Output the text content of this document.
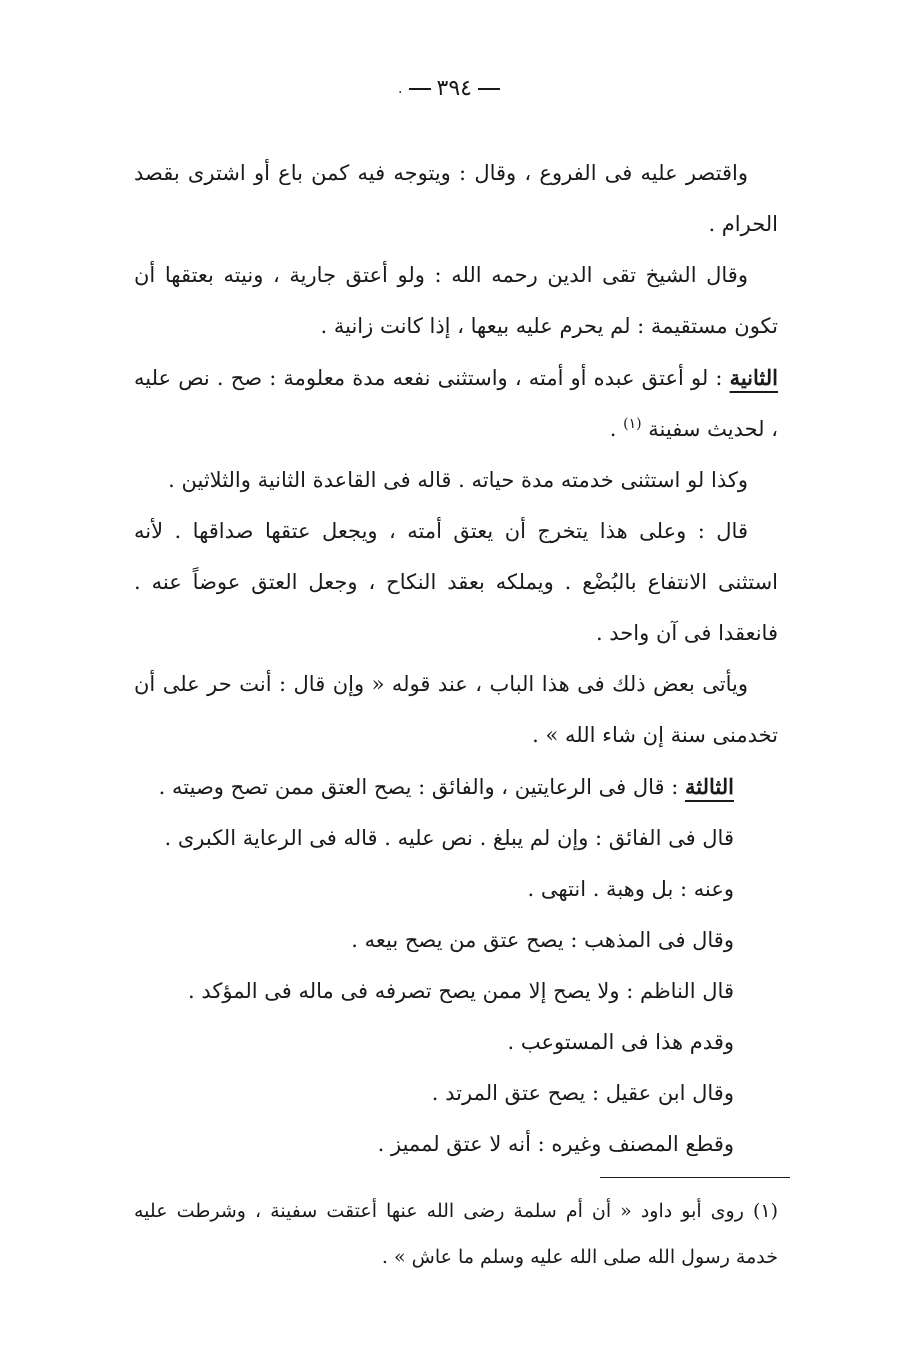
٣٩٤.

واقتصر عليه فى الفروع ، وقال : ويتوجه فيه كمن باع أو اشترى بقصد الحرام .

وقال الشيخ تقى الدين رحمه الله : ولو أعتق جارية ، ونيته بعتقها أن تكون مستقيمة : لم يحرم عليه بيعها ، إذا كانت زانية .

الثانية : لو أعتق عبده أو أمته ، واستثنى نفعه مدة معلومة : صح . نص عليه ، لحديث سفينة $^{(١)}$ .

وكذا لو استثنى خدمته مدة حياته . قاله فى القاعدة الثانية والثلاثين .

قال : وعلى هذا يتخرج أن يعتق أمته ، ويجعل عتقها صداقها . لأنه استثنى الانتفاع بالبُضْع . ويملكه بعقد النكاح ، وجعل العتق عوضاً عنه . فانعقدا فى آن واحد .

ويأتى بعض ذلك فى هذا الباب ، عند قوله « وإن قال : أنت حر على أن تخدمنى سنة إن شاء الله » .

الثالثة : قال فى الرعايتين ، والفائق : يصح العتق ممن تصح وصيته .

قال فى الفائق : وإن لم يبلغ . نص عليه . قاله فى الرعاية الكبرى .

وعنه : بل وهبة . انتهى .

وقال فى المذهب : يصح عتق من يصح بيعه .

قال الناظم : ولا يصح إلا ممن يصح تصرفه فى ماله فى المؤكد .

وقدم هذا فى المستوعب .

وقال ابن عقيل : يصح عتق المرتد .

وقطع المصنف وغيره : أنه لا عتق لمميز .

(١) روى أبو داود « أن أم سلمة رضى الله عنها أعتقت سفينة ، وشرطت عليه خدمة رسول الله صلى الله عليه وسلم ما عاش » .
